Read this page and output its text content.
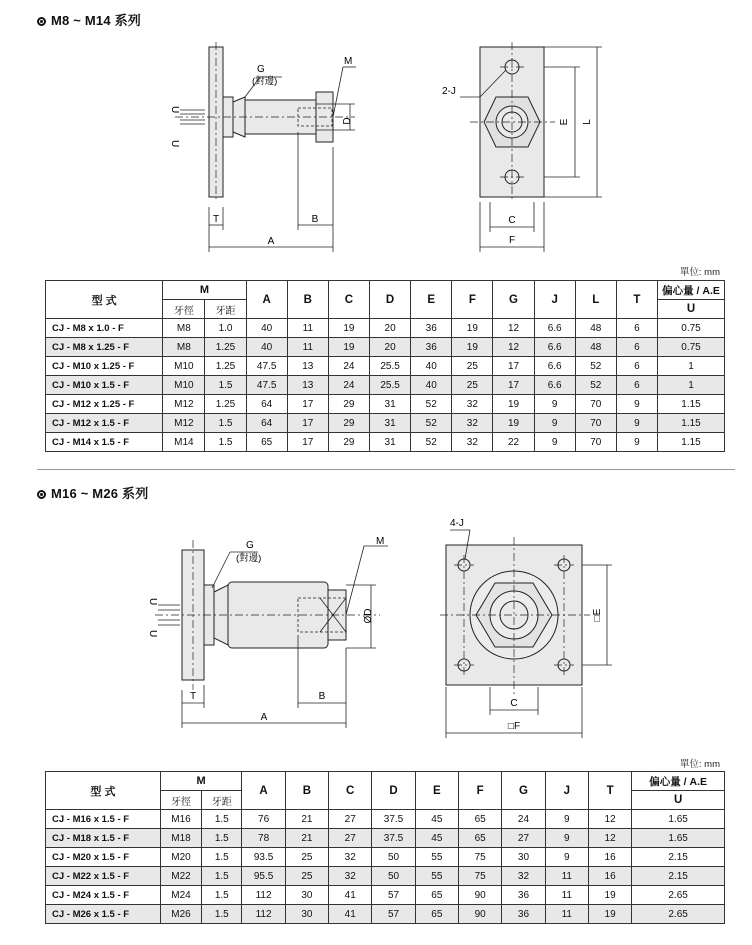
M8 ~ M14 系列
G
(對邊)
M
U
U
D
T	B
A
2-J
E L
C
F
單位: mm
型 式	M		A	B	C	D	E	F	G	J	L	T	偏心量 / A.E
	牙徑	牙距											U
CJ - M8 x 1.0 - F	M8	1.0	40	11	19	20	36	19	12	6.6	48	6	0.75
CJ - M8 x 1.25 - F	M8	1.25	40	11	19	20	36	19	12	6.6	48	6	0.75
CJ - M10 x 1.25 - F	M10	1.25	47.5	13	24	25.5	40	25	17	6.6	52	6	1
CJ - M10 x 1.5 - F	M10	1.5	47.5	13	24	25.5	40	25	17	6.6	52	6	1
CJ - M12 x 1.25 - F	M12	1.25	64	17	29	31	52	32	19	9	70	9	1.15
CJ - M12 x 1.5 - F	M12	1.5	64	17	29	31	52	32	19	9	70	9	1.15
CJ - M14 x 1.5 - F	M14	1.5	65	17	29	31	52	32	22	9	70	9	1.15
M16 ~ M26 系列
G
(對邊)
M
U
U
ØD
T	B
A
4-J
□E
C
□F
單位: mm
型 式	M		A	B	C	D	E	F	G	J	T	偏心量 / A.E
	牙徑	牙距										U
CJ - M16 x 1.5 - F	M16	1.5	76	21	27	37.5	45	65	24	9	12	1.65
CJ - M18 x 1.5 - F	M18	1.5	78	21	27	37.5	45	65	27	9	12	1.65
CJ - M20 x 1.5 - F	M20	1.5	93.5	25	32	50	55	75	30	9	16	2.15
CJ - M22 x 1.5 - F	M22	1.5	95.5	25	32	50	55	75	32	11	16	2.15
CJ - M24 x 1.5 - F	M24	1.5	112	30	41	57	65	90	36	11	19	2.65
CJ - M26 x 1.5 - F	M26	1.5	112	30	41	57	65	90	36	11	19	2.65
